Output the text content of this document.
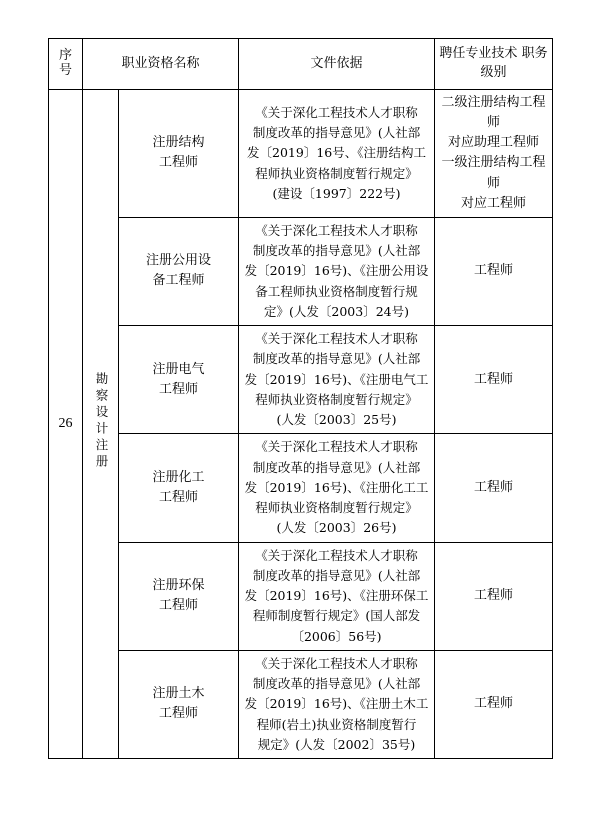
序
号	职业资格名称		文件依据	聘任专业技术 职务级别
26	勘察设计注册	注册结构
工程师	《关于深化工程技术人才职称
制度改革的指导意见》(人社部
发〔2019〕16号、《注册结构工
程师执业资格制度暂行规定》
(建设〔1997〕222号)	二级注册结构工程师
对应助理工程师
一级注册结构工程师
对应工程师

		注册公用设
备工程师	《关于深化工程技术人才职称
制度改革的指导意见》(人社部
发〔2019〕16号)、《注册公用设
备工程师执业资格制度暂行规
定》(人发〔2003〕24号)	工程师

		注册电气
工程师	《关于深化工程技术人才职称
制度改革的指导意见》(人社部
发〔2019〕16号)、《注册电气工
程师执业资格制度暂行规定》
(人发〔2003〕25号)	工程师

		注册化工
工程师	《关于深化工程技术人才职称
制度改革的指导意见》(人社部
发〔2019〕16号)、《注册化工工
程师执业资格制度暂行规定》
(人发〔2003〕26号)	工程师

		注册环保
工程师	《关于深化工程技术人才职称
制度改革的指导意见》(人社部
发〔2019〕16号)、《注册环保工
程师制度暂行规定》(国人部发
〔2006〕56号)	工程师

		注册土木
工程师	《关于深化工程技术人才职称
制度改革的指导意见》(人社部
发〔2019〕16号)、《注册土木工
程师(岩土)执业资格制度暂行
规定》(人发〔2002〕35号)	工程师
